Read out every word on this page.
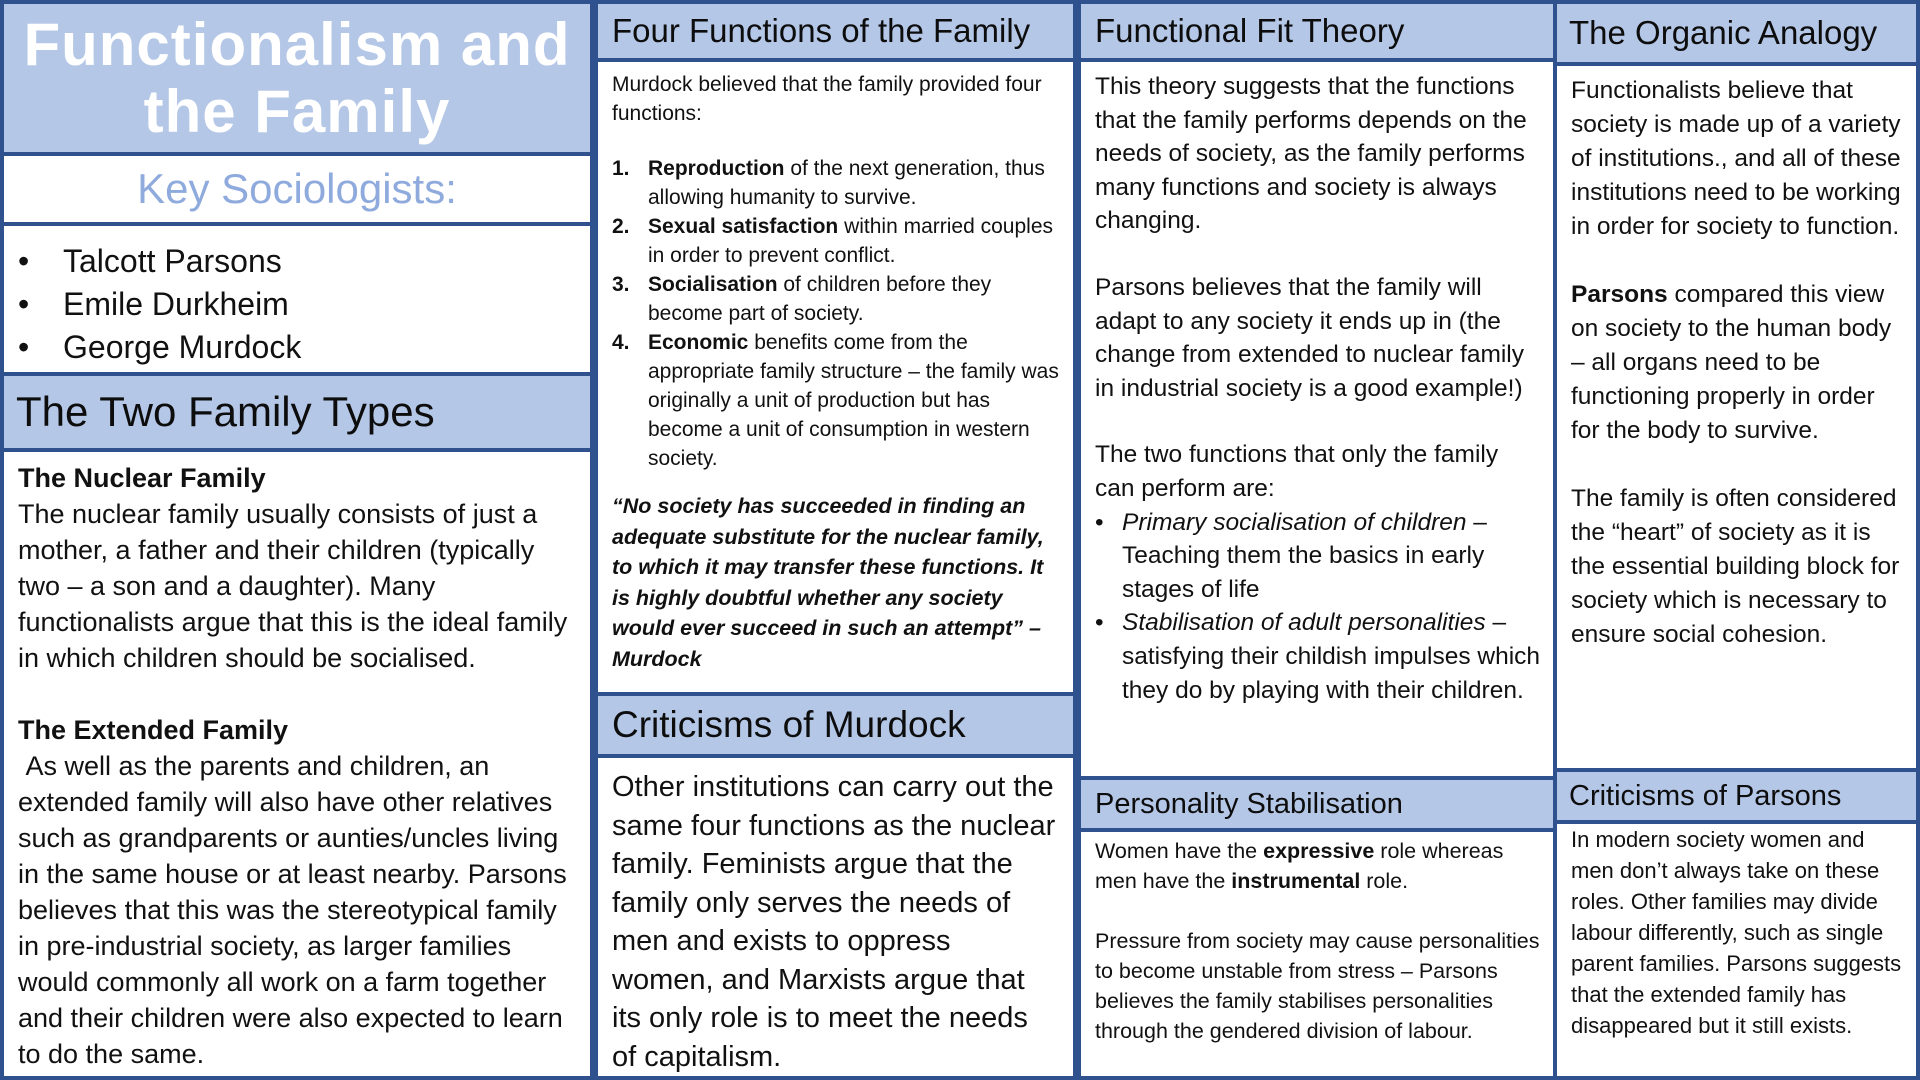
Functionalism and
the Family
Key Sociologists:
•	Talcott Parsons
•	Emile Durkheim
•	George Murdock
The Two Family Types

The Nuclear Family

The nuclear family usually consists of just a mother, a father and their children (typically two – a son and a daughter). Many functionalists argue that this is the ideal family in which children should be socialised.

The Extended Family

As well as the parents and children, an extended family will also have other relatives such as grandparents or aunties/uncles living in the same house or at least nearby. Parsons believes that this was the stereotypical family in pre-industrial society, as larger families would commonly all work on a farm together and their children were also expected to learn to do the same.

Four Functions of the Family

Murdock believed that the family provided four functions:

1. Reproduction of the next generation, thus allowing humanity to survive.
2. Sexual satisfaction within married couples in order to prevent conflict.
3. Socialisation of children before they become part of society.
4. Economic benefits come from the appropriate family structure – the family was originally a unit of production but has become a unit of consumption in western society.

“No society has succeeded in finding an adequate substitute for the nuclear family, to which it may transfer these functions. It is highly doubtful whether any society would ever succeed in such an attempt” – Murdock

Criticisms of Murdock
Other institutions can carry out the same four functions as the nuclear family. Feminists argue that the family only serves the needs of men and exists to oppress women, and Marxists argue that its only role is to meet the needs of capitalism.
Functional Fit Theory

This theory suggests that the functions that the family performs depends on the needs of society, as the family performs many functions and society is always changing.

Parsons believes that the family will adapt to any society it ends up in (the change from extended to nuclear family in industrial society is a good example!)

The two functions that only the family can perform are:

• Primary socialisation of children – Teaching them the basics in early stages of life
• Stabilisation of adult personalities – satisfying their childish impulses which they do by playing with their children.
Personality Stabilisation

Women have the expressive role whereas men have the instrumental role.

Pressure from society may cause personalities to become unstable from stress – Parsons believes the family stabilises personalities through the gendered division of labour.

The Organic Analogy

Functionalists believe that society is made up of a variety of institutions., and all of these institutions need to be working in order for society to function.

Parsons compared this view on society to the human body – all organs need to be functioning properly in order for the body to survive.

The family is often considered the “heart” of society as it is the essential building block for society which is necessary to ensure social cohesion.

Criticisms of Parsons
In modern society women and men don’t always take on these roles. Other families may divide labour differently, such as single parent families. Parsons suggests that the extended family has disappeared but it still exists.
